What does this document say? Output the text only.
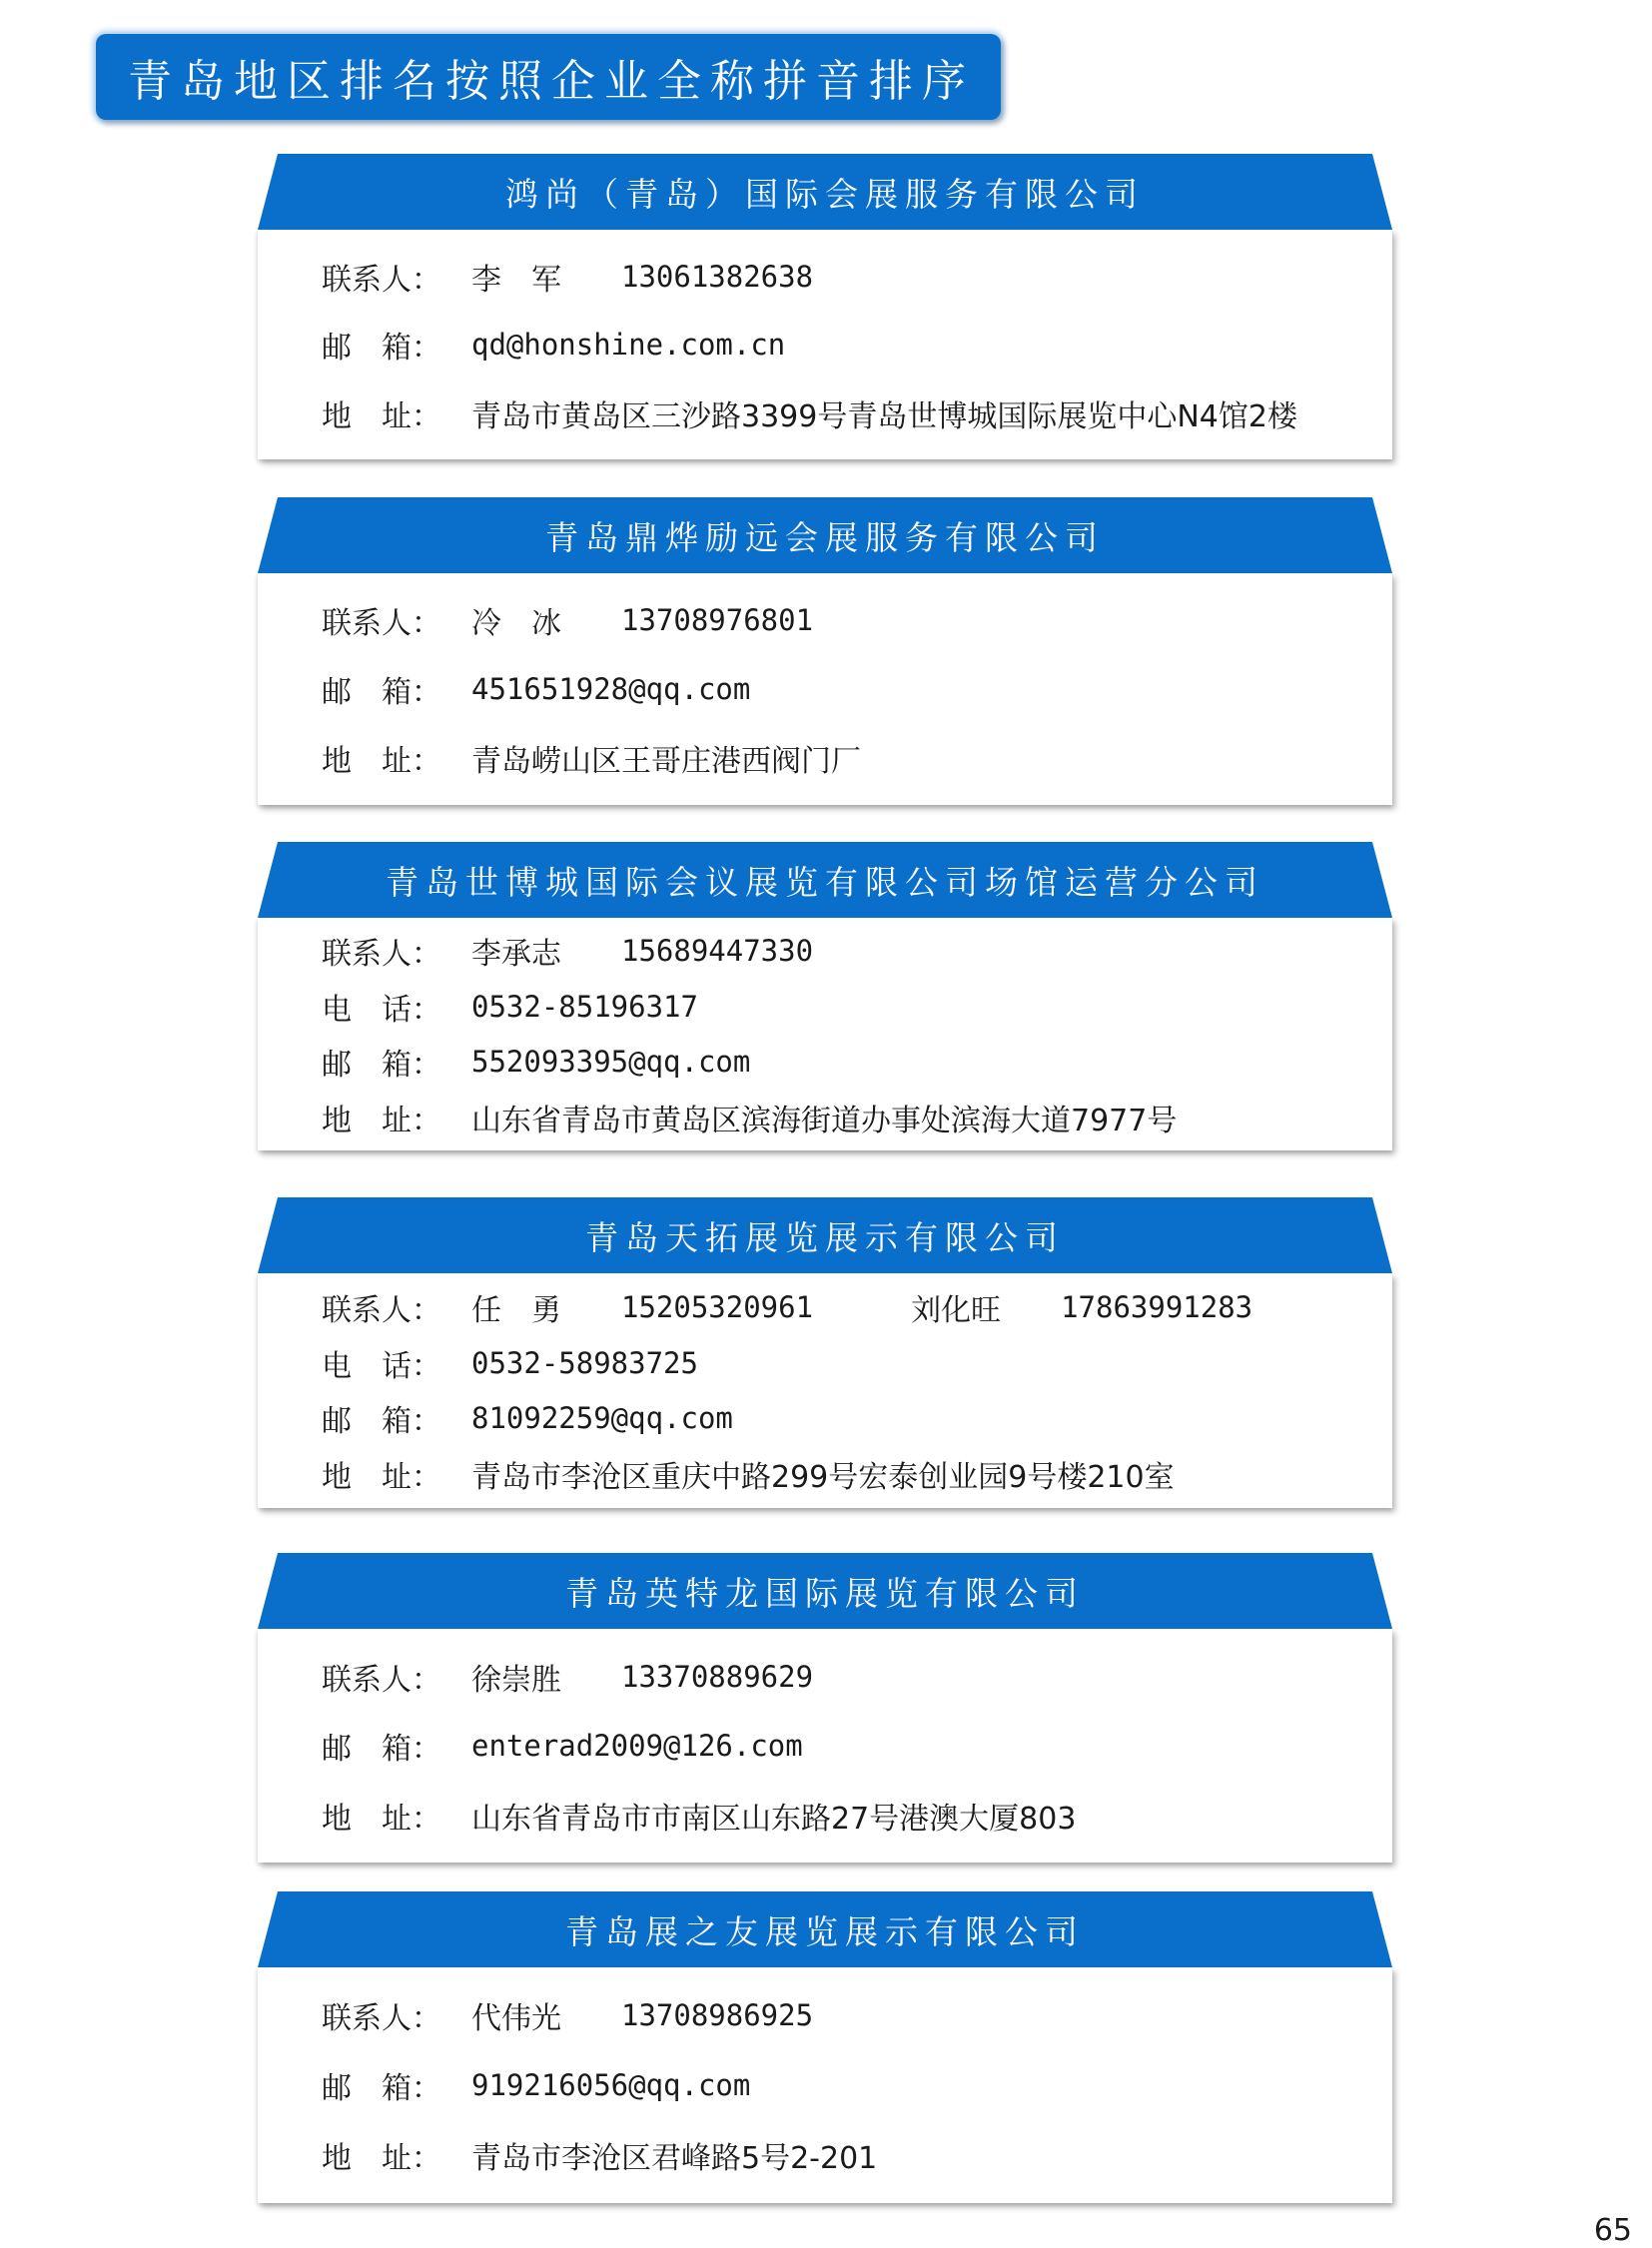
青岛地区排名按照企业全称拼音排序
鸿尚（青岛）国际会展服务有限公司
联系人：	李　军	13061382638
邮　箱：	qd@honshine.com.cn
地　址：	青岛市黄岛区三沙路3399号青岛世博城国际展览中心N4馆2楼
青岛鼎烨励远会展服务有限公司
联系人：	冷　冰	13708976801
邮　箱：	451651928@qq.com
地　址：	青岛崂山区王哥庄港西阀门厂
青岛世博城国际会议展览有限公司场馆运营分公司
联系人：	李承志	15689447330
电　话：	0532-85196317
邮　箱：	552093395@qq.com
地　址：	山东省青岛市黄岛区滨海街道办事处滨海大道7977号
青岛天拓展览展示有限公司
联系人：	任　勇	15205320961	刘化旺	17863991283
电　话：	0532-58983725
邮　箱：	81092259@qq.com
地　址：	青岛市李沧区重庆中路299号宏泰创业园9号楼210室
青岛英特龙国际展览有限公司
联系人：	徐崇胜	13370889629
邮　箱：	enterad2009@126.com
地　址：	山东省青岛市市南区山东路27号港澳大厦803
青岛展之友展览展示有限公司
联系人：	代伟光	13708986925
邮　箱：	919216056@qq.com
地　址：	青岛市李沧区君峰路5号2-201
65
